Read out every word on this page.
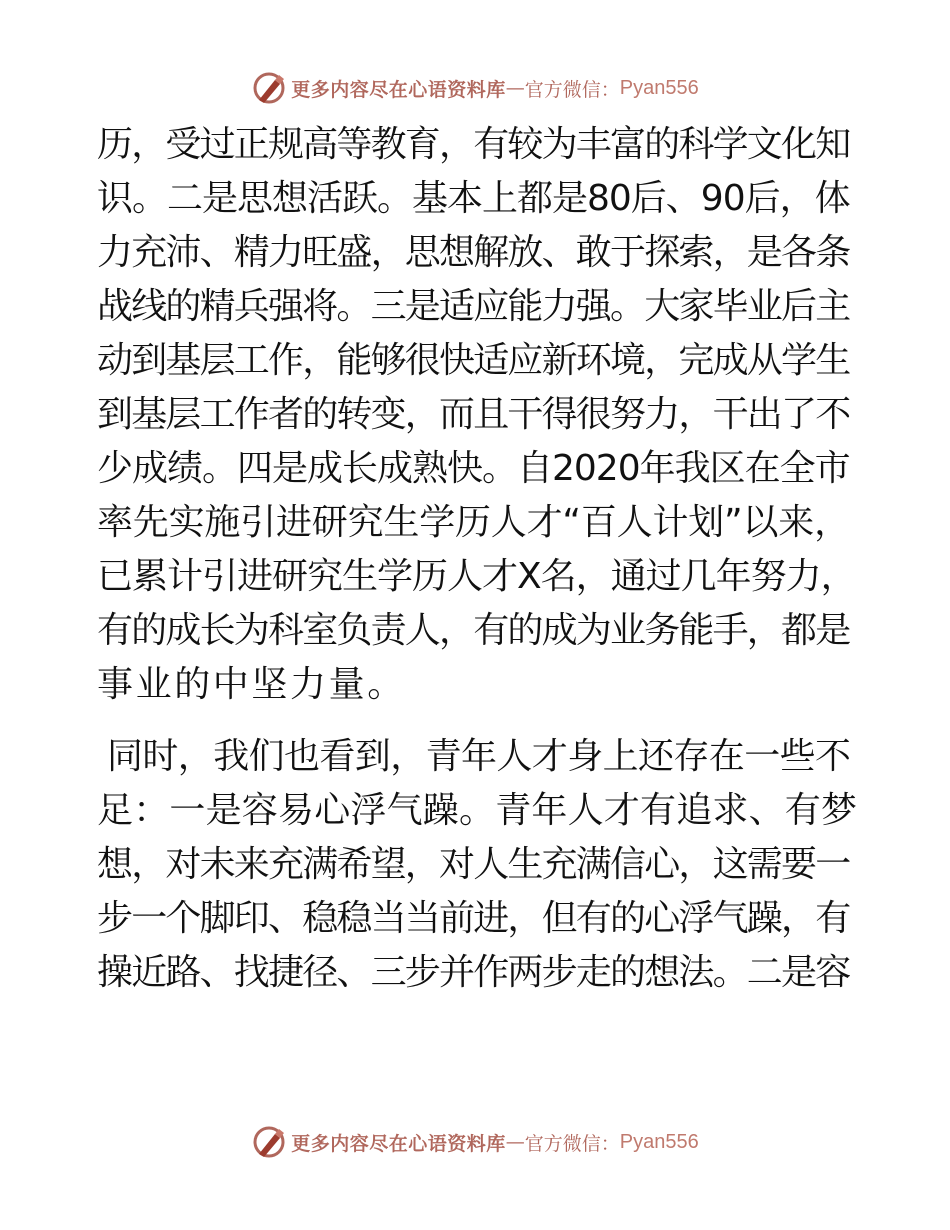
更多内容尽在心语资料库 — 官方微信： Pyan556
历，受过正规高等教育，有较为丰富的科学文化知
识。二是思想活跃。基本上都是80后、90后，体
力充沛、精力旺盛，思想解放、敢于探索，是各条
战线的精兵强将。三是适应能力强。大家毕业后主
动到基层工作，能够很快适应新环境，完成从学生
到基层工作者的转变，而且干得很努力，干出了不
少成绩。四是成长成熟快。自2020年我区在全市
率先实施引进研究生学历人才“百人计划”以来，
已累计引进研究生学历人才X名，通过几年努力，
有的成长为科室负责人，有的成为业务能手，都是
事业的中坚力量。
同时，我们也看到，青年人才身上还存在一些不
足：一是容易心浮气躁。青年人才有追求、有梦
想，对未来充满希望，对人生充满信心，这需要一
步一个脚印、稳稳当当前进，但有的心浮气躁，有
操近路、找捷径、三步并作两步走的想法。二是容
更多内容尽在心语资料库 — 官方微信： Pyan556
